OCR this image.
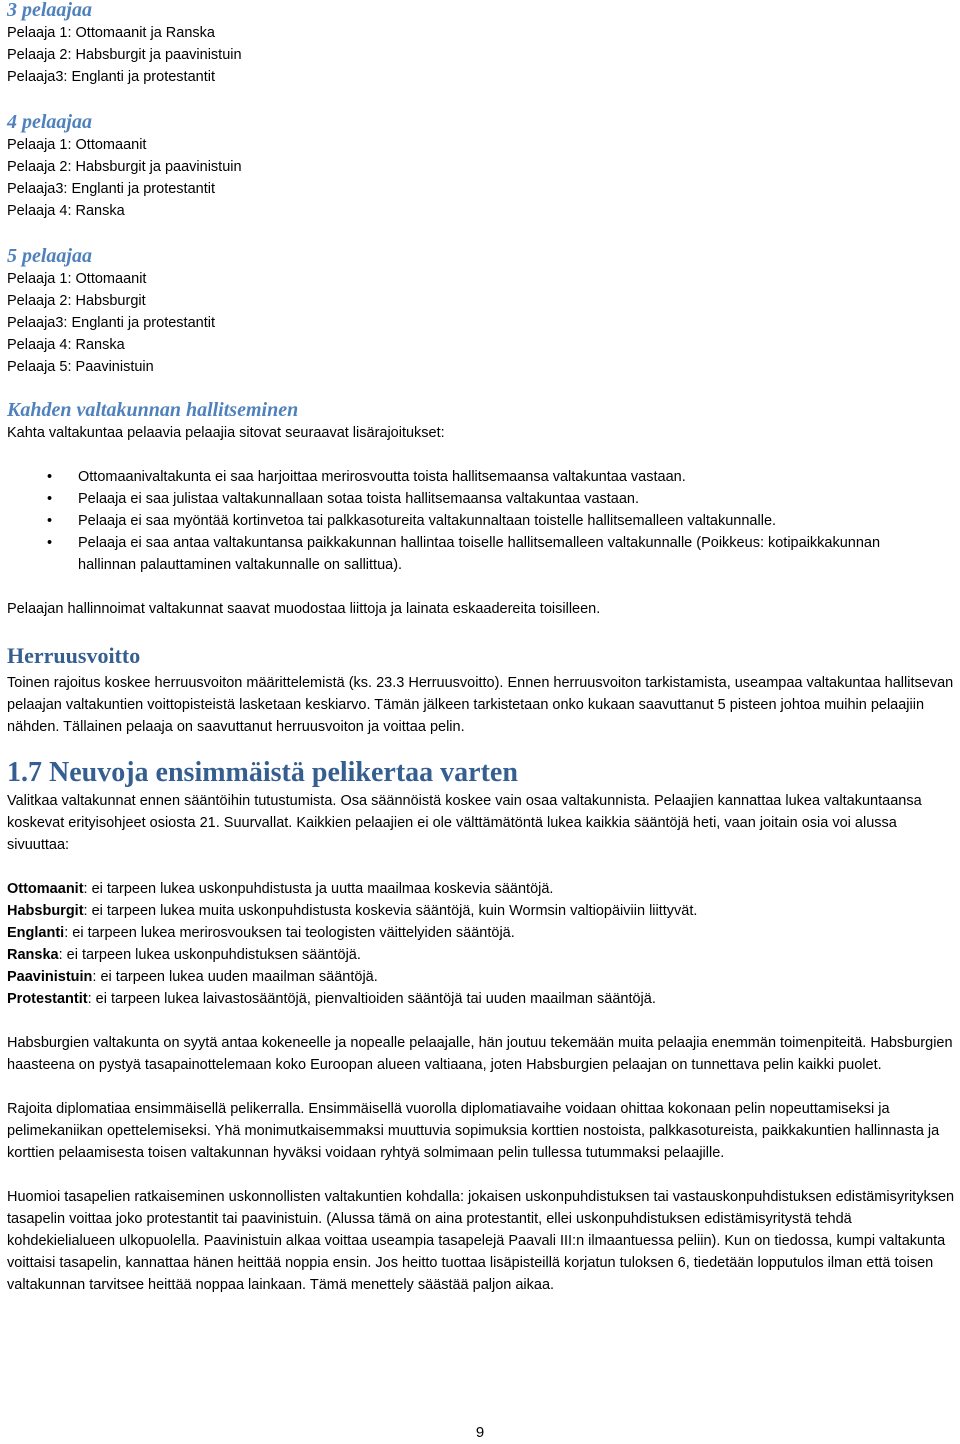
3 pelaajaa

Pelaaja 1: Ottomaanit ja Ranska

Pelaaja 2: Habsburgit ja paavinistuin

Pelaaja3: Englanti ja protestantit

4 pelaajaa

Pelaaja 1: Ottomaanit

Pelaaja 2: Habsburgit ja paavinistuin

Pelaaja3: Englanti ja protestantit

Pelaaja 4: Ranska

5 pelaajaa

Pelaaja 1: Ottomaanit

Pelaaja 2: Habsburgit

Pelaaja3: Englanti ja protestantit

Pelaaja 4: Ranska

Pelaaja 5: Paavinistuin

Kahden valtakunnan hallitseminen

Kahta valtakuntaa pelaavia pelaajia sitovat seuraavat lisärajoitukset:

• Ottomaanivaltakunta ei saa harjoittaa merirosvoutta toista hallitsemaansa valtakuntaa vastaan.
• Pelaaja ei saa julistaa valtakunnallaan sotaa toista hallitsemaansa valtakuntaa vastaan.
• Pelaaja ei saa myöntää kortinvetoa tai palkkasotureita valtakunnaltaan toistelle hallitsemalleen valtakunnalle.
• Pelaaja ei saa antaa valtakuntansa paikkakunnan hallintaa toiselle hallitsemalleen valtakunnalle (Poikkeus: kotipaikkakunnan hallinnan palauttaminen valtakunnalle on sallittua).

Pelaajan hallinnoimat valtakunnat saavat muodostaa liittoja ja lainata eskaadereita toisilleen.

Herruusvoitto

Toinen rajoitus koskee herruusvoiton määrittelemistä (ks. 23.3 Herruusvoitto). Ennen herruusvoiton tarkistamista, useampaa valtakuntaa hallitsevan pelaajan valtakuntien voittopisteistä lasketaan keskiarvo. Tämän jälkeen tarkistetaan onko kukaan saavuttanut 5 pisteen johtoa muihin pelaajiin nähden. Tällainen pelaaja on saavuttanut herruusvoiton ja voittaa pelin.

1.7 Neuvoja ensimmäistä pelikertaa varten

Valitkaa valtakunnat ennen sääntöihin tutustumista. Osa säännöistä koskee vain osaa valtakunnista. Pelaajien kannattaa lukea valtakuntaansa koskevat erityisohjeet osiosta 21. Suurvallat. Kaikkien pelaajien ei ole välttämätöntä lukea kaikkia sääntöjä heti, vaan joitain osia voi alussa sivuuttaa:

Ottomaanit: ei tarpeen lukea uskonpuhdistusta ja uutta maailmaa koskevia sääntöjä.

Habsburgit: ei tarpeen lukea muita uskonpuhdistusta koskevia sääntöjä, kuin Wormsin valtiopäiviin liittyvät.

Englanti: ei tarpeen lukea merirosvouksen tai teologisten väittelyiden sääntöjä.

Ranska: ei tarpeen lukea uskonpuhdistuksen sääntöjä.

Paavinistuin: ei tarpeen lukea uuden maailman sääntöjä.

Protestantit: ei tarpeen lukea laivastosääntöjä, pienvaltioiden sääntöjä tai uuden maailman sääntöjä.

Habsburgien valtakunta on syytä antaa kokeneelle ja nopealle pelaajalle, hän joutuu tekemään muita pelaajia enemmän toimenpiteitä. Habsburgien haasteena on pystyä tasapainottelemaan koko Euroopan alueen valtiaana, joten Habsburgien pelaajan on tunnettava pelin kaikki puolet.

Rajoita diplomatiaa ensimmäisellä pelikerralla. Ensimmäisellä vuorolla diplomatiavaihe voidaan ohittaa kokonaan pelin nopeuttamiseksi ja pelimekaniikan opettelemiseksi. Yhä monimutkaisemmaksi muuttuvia sopimuksia korttien nostoista, palkkasotureista, paikkakuntien hallinnasta ja korttien pelaamisesta toisen valtakunnan hyväksi voidaan ryhtyä solmimaan pelin tullessa tutummaksi pelaajille.

Huomioi tasapelien ratkaiseminen uskonnollisten valtakuntien kohdalla: jokaisen uskonpuhdistuksen tai vastauskonpuhdistuksen edistämisyrityksen tasapelin voittaa joko protestantit tai paavinistuin. (Alussa tämä on aina protestantit, ellei uskonpuhdistuksen edistämisyritystä tehdä kohdekielialueen ulkopuolella. Paavinistuin alkaa voittaa useampia tasapelejä Paavali III:n ilmaantuessa peliin). Kun on tiedossa, kumpi valtakunta voittaisi tasapelin, kannattaa hänen heittää noppia ensin. Jos heitto tuottaa lisäpisteillä korjatun tuloksen 6, tiedetään lopputulos ilman että toisen valtakunnan tarvitsee heittää noppaa lainkaan. Tämä menettely säästää paljon aikaa.

9
